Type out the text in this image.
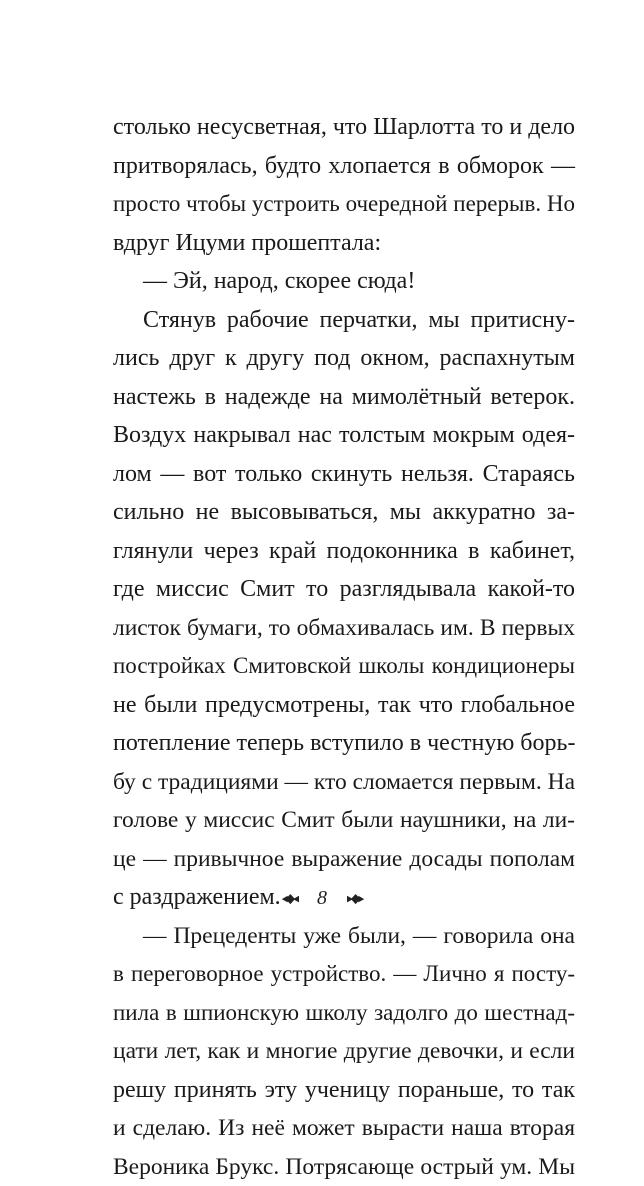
столько несусветная, что Шарлотта то и дело
притворялась, будто хлопается в обморок —
просто чтобы устроить очередной перерыв. Но
вдруг Ицуми прошептала:
— Эй, народ, скорее сюда!
Стянув рабочие перчатки, мы притисну-
лись друг к другу под окном, распахнутым
настежь в надежде на мимолётный ветерок.
Воздух накрывал нас толстым мокрым одея-
лом — вот только скинуть нельзя. Стараясь
сильно не высовываться, мы аккуратно за-
глянули через край подоконника в кабинет,
где миссис Смит то разглядывала какой-то
листок бумаги, то обмахивалась им. В первых
постройках Смитовской школы кондиционеры
не были предусмотрены, так что глобальное
потепление теперь вступило в честную борь-
бу с традициями — кто сломается первым. На
голове у миссис Смит были наушники, на ли-
це — привычное выражение досады пополам
с раздражением.
— Прецеденты уже были, — говорила она
в переговорное устройство. — Лично я посту-
пила в шпионскую школу задолго до шестнад-
цати лет, как и многие другие девочки, и если
решу принять эту ученицу пораньше, то так
и сделаю. Из неё может вырасти наша вторая
Вероника Брукс. Потрясающе острый ум. Мы
◂◆◂ 8 ▸◆▸
